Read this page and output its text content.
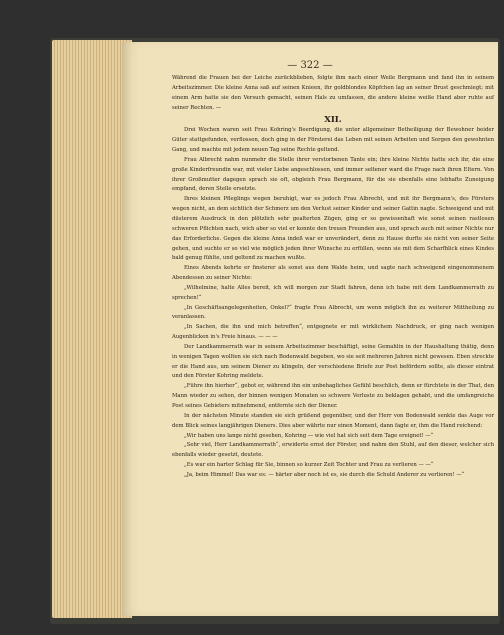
— 322 —

Während die Frauen bei der Leiche zurückblieben, folgte ihm nach einer Weile Bergmann und fand ihn in seinem Arbeitszimmer. Die kleine Anna saß auf seinen Knieen, ihr goldblondes Köpfchen lag an seiner Brust geschmiegt; mit einem Arm hatte sie den Versuch gemacht, seinen Hals zu umfassen, die andere kleine weiße Hand aber ruhte auf seiner Rechten. —

XII.

Drei Wochen waren seit Frau Kohring's Beerdigung, die unter allgemeiner Betheiligung der Bewohner beider Güter stattgefunden, verflossen, doch ging in der Försterei das Leben mit seinen Arbeiten und Sorgen den gewohnten Gang, und machte mit jedem neuen Tag seine Rechte geltend.

Frau Albrecht nahm nunmehr die Stelle ihrer verstorbenen Tante ein; ihre kleine Nichte hatte sich ihr, die eine große Kinderfreundin war, mit vieler Liebe angeschlossen, und immer seltener ward die Frage nach ihren Eltern. Von ihrer Großmutter dagegen sprach sie oft, obgleich Frau Bergmann, für die sie ebenfalls eine lebhafte Zuneigung empfand, deren Stelle ersetzte.

Ihres kleinen Pfleglings wegen beruhigt, war es jedoch Frau Albrecht, und mit ihr Bergmann's, des Försters wegen nicht, an dem sichtlich der Schmerz um den Verlust seiner Kinder und seiner Gattin nagte. Schweigend und mit düsterem Ausdruck in den plötzlich sehr gealterten Zügen, ging er so gewissenhaft wie sonst seinen rastlosen schweren Pflichten nach, wich aber so viel er konnte den treuen Freunden aus, und sprach auch mit seiner Nichte nur das Erforderliche. Gegen die kleine Anna indeß war er unverändert, denn zu Hause durfte sie nicht von seiner Seite gehen, und suchte er so viel wie möglich jeden ihrer Wünsche zu erfüllen, wenn sie mit dem Scharfblick eines Kindes bald genug fühlte, und geltend zu machen wußte.

Eines Abends kehrte er finsterer als sonst aus dem Walde heim, und sagte nach schweigend eingenommenem Abendessen zu seiner Nichte:

„Wilhelmine, halte Alles bereit, ich will morgen zur Stadt fahren, denn ich habe mit dem Landkammerrath zu sprechen!“

„In Geschäftsangelegenheiten, Onkel?“ fragte Frau Albrecht, um wenn möglich ihn zu weiterer Mittheilung zu veranlassen.

„In Sachen, die ihn und mich betreffen“, entgegnete er mit wirklichem Nachdruck, er ging nach wenigen Augenblicken in's Freie hinaus. — — —

Der Landkammerrath war in seinem Arbeitszimmer beschäftigt, seine Gemahlin in der Haushaltung thätig, denn in wenigen Tagen wollten sie sich nach Bodenwald begeben, wo sie seit mehreren Jahren nicht gewesen. Eben streckte er die Hand aus, um seinem Diener zu klingeln, der verschiedene Briefe zur Post befördern sollte, als dieser eintrat und den Förster Kohring meldete.

„Führe ihn hierher“, gebot er, während ihn ein unbehagliches Gefühl beschlich, denn er fürchtete in der That, den Mann wieder zu sehen, der binnen wenigen Monaten so schwere Verluste zu beklagen gehabt, und die umfangreiche Post seines Gebieters mitnehmend, entfernte sich der Diener.

In der nächsten Minute standen sie sich grüßend gegenüber, und der Herr von Bodenwald senkte das Auge vor dem Blick seines langjährigen Dieners. Dies aber währte nur einen Moment, dann fagte er, ihm die Hand reichend:

„Wir haben uns lange nicht gesehen, Kohring — wie viel hat sich seit dem Tage ereignet! —“

„Sehr viel, Herr Landkammerrath“, erwiderte ernst der Förster, und nahm den Stuhl, auf den dieser, welcher sich ebenfalls wieder gesetzt, deutete.

„Es war ein harter Schlag für Sie, binnen so kurzer Zeit Tochter und Frau zu verlieren — —“

„Ja, beim Himmel! Das war es: — härter aber noch ist es, sie durch die Schuld Anderer zu verlieren! —“
